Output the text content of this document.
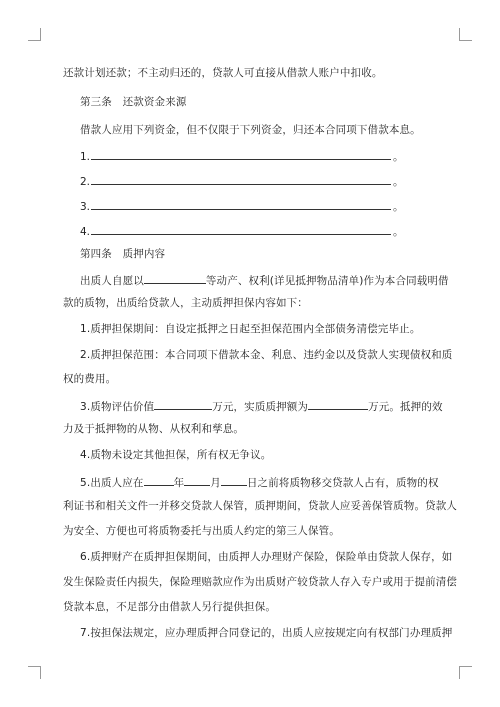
还款计划还款；不主动归还的，贷款人可直接从借款人账户中扣收。
第三条　还款资金来源
借款人应用下列资金，但不仅限于下列资金，归还本合同项下借款本息。
1.	。
2.	。
3.	。
4.	。
第四条　质押内容
出质人自愿以	等动产、权利(详见抵押物品清单)作为本合同载明借
款的质物，出质给贷款人，主动质押担保内容如下：
1.质押担保期间：自设定抵押之日起至担保范围内全部债务清偿完毕止。
2.质押担保范围：本合同项下借款本金、利息、违约金以及贷款人实现债权和质
权的费用。
3.质物评估价值	万元，实质质押额为	万元。抵押的效
力及于抵押物的从物、从权利和孳息。
4.质物未设定其他担保，所有权无争议。
5.出质人应在	年 月 日之前将质物移交贷款人占有，质物的权
利证书和相关文件一并移交贷款人保管，质押期间，贷款人应妥善保管质物。贷款人
为安全、方便也可将质物委托与出质人约定的第三人保管。
6.质押财产在质押担保期间，由质押人办理财产保险，保险单由贷款人保存，如
发生保险责任内损失，保险理赔款应作为出质财产较贷款人存入专户或用于提前清偿
贷款本息，不足部分由借款人另行提供担保。
7.按担保法规定，应办理质押合同登记的，出质人应按规定向有权部门办理质押
